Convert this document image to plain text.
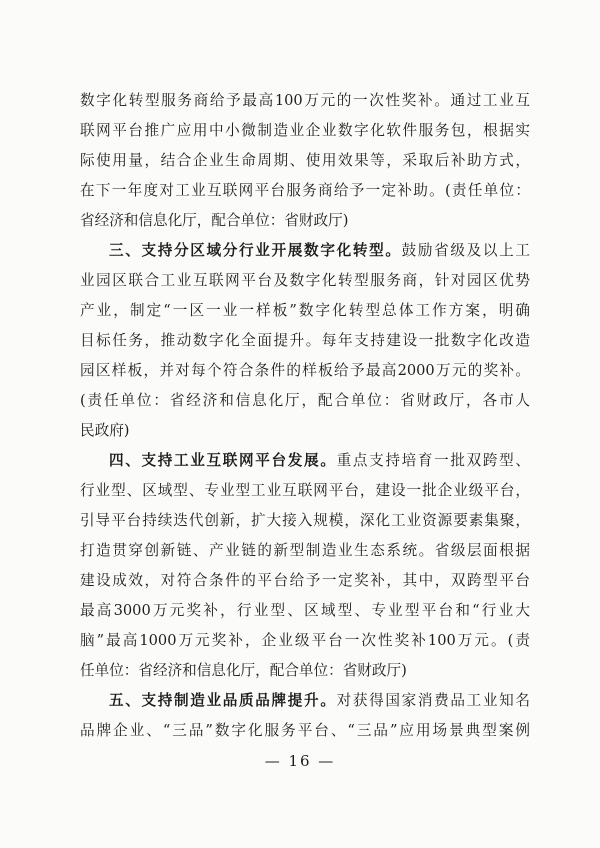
数字化转型服务商给予最高100万元的一次性奖补。通过工业互
联网平台推广应用中小微制造业企业数字化软件服务包，根据实
际使用量，结合企业生命周期、使用效果等，采取后补助方式，
在下一年度对工业互联网平台服务商给予一定补助。(责任单位：
省经济和信息化厅，配合单位：省财政厅)
三、支持分区域分行业开展数字化转型。鼓励省级及以上工
业园区联合工业互联网平台及数字化转型服务商，针对园区优势
产业，制定“一区一业一样板”数字化转型总体工作方案，明确
目标任务，推动数字化全面提升。每年支持建设一批数字化改造
园区样板，并对每个符合条件的样板给予最高2000万元的奖补。
(责任单位：省经济和信息化厅，配合单位：省财政厅，各市人
民政府)
四、支持工业互联网平台发展。重点支持培育一批双跨型、
行业型、区域型、专业型工业互联网平台，建设一批企业级平台，
引导平台持续迭代创新，扩大接入规模，深化工业资源要素集聚，
打造贯穿创新链、产业链的新型制造业生态系统。省级层面根据
建设成效，对符合条件的平台给予一定奖补，其中，双跨型平台
最高3000万元奖补，行业型、区域型、专业型平台和“行业大
脑”最高1000万元奖补，企业级平台一次性奖补100万元。(责
任单位：省经济和信息化厅，配合单位：省财政厅)
五、支持制造业品质品牌提升。对获得国家消费品工业知名
品牌企业、“三品”数字化服务平台、“三品”应用场景典型案例
— 16 —
